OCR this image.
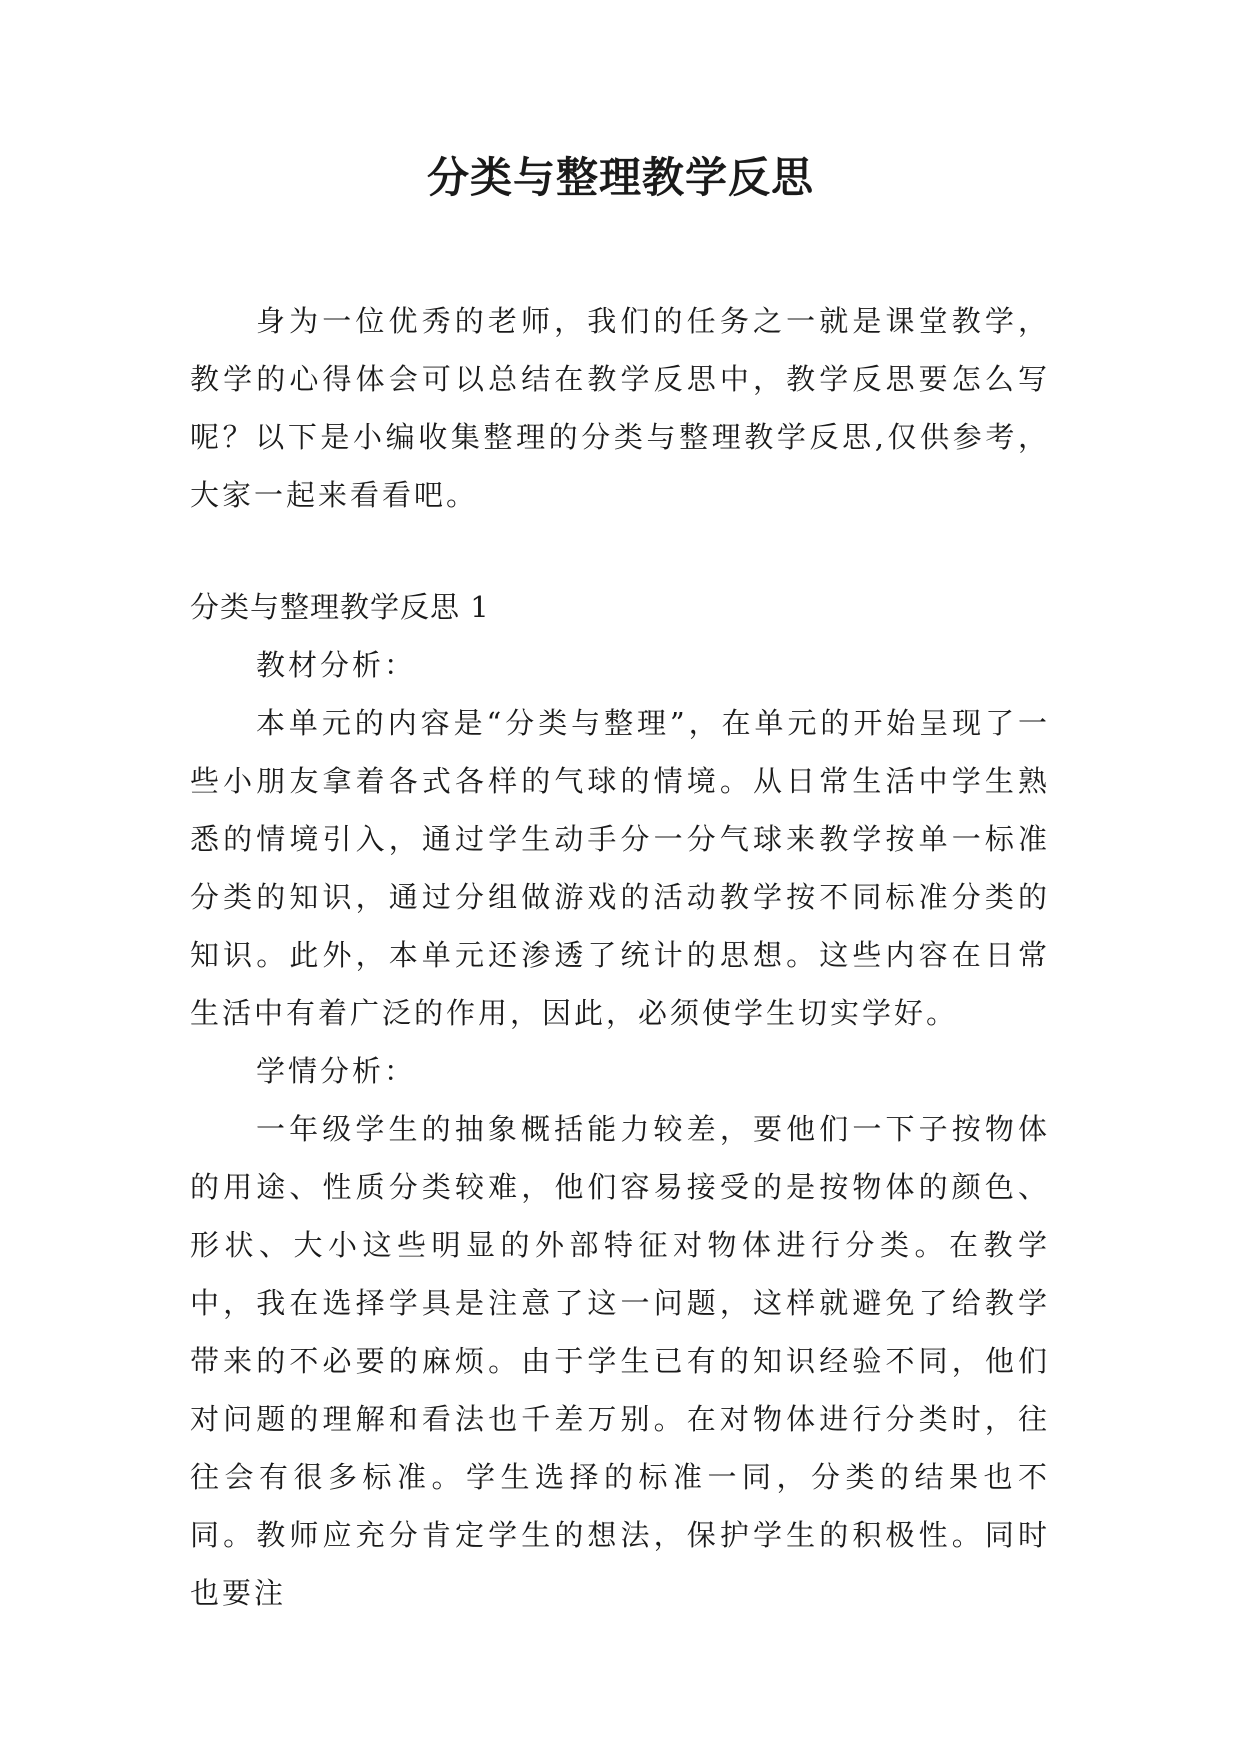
分类与整理教学反思

身为一位优秀的老师，我们的任务之一就是课堂教学，教学的心得体会可以总结在教学反思中，教学反思要怎么写呢？以下是小编收集整理的分类与整理教学反思,仅供参考，大家一起来看看吧。

分类与整理教学反思 1

教材分析：

本单元的内容是“分类与整理”，在单元的开始呈现了一些小朋友拿着各式各样的气球的情境。从日常生活中学生熟悉的情境引入，通过学生动手分一分气球来教学按单一标准分类的知识，通过分组做游戏的活动教学按不同标准分类的知识。此外，本单元还渗透了统计的思想。这些内容在日常生活中有着广泛的作用，因此，必须使学生切实学好。

学情分析：

一年级学生的抽象概括能力较差，要他们一下子按物体的用途、性质分类较难，他们容易接受的是按物体的颜色、形状、大小这些明显的外部特征对物体进行分类。在教学中，我在选择学具是注意了这一问题，这样就避免了给教学带来的不必要的麻烦。由于学生已有的知识经验不同，他们对问题的理解和看法也千差万别。在对物体进行分类时，往往会有很多标准。学生选择的标准一同，分类的结果也不同。教师应充分肯定学生的想法，保护学生的积极性。同时也要注
